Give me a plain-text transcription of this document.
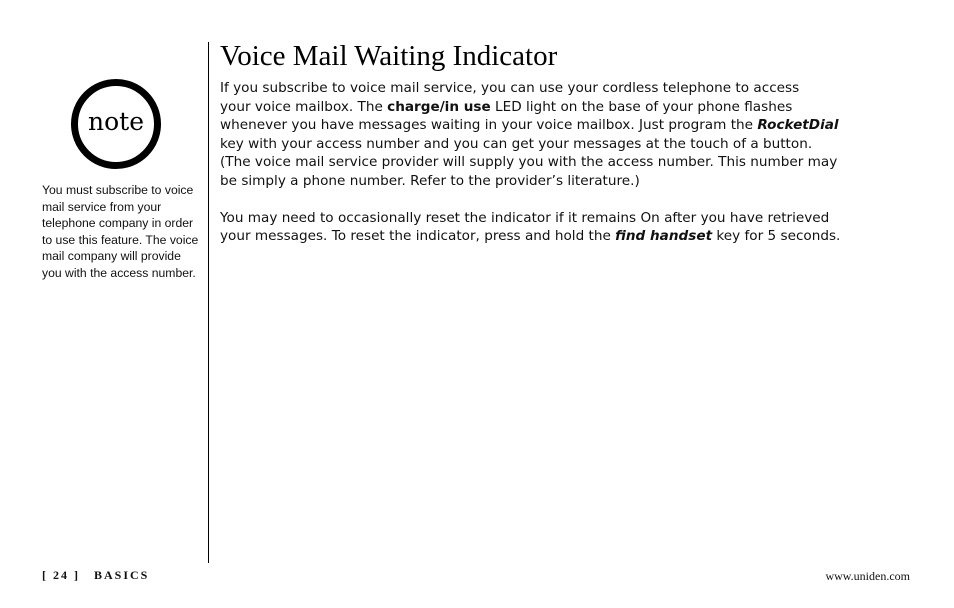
note

You must subscribe to voice mail service from your telephone company in order to use this feature. The voice mail company will provide you with the access number.

Voice Mail Waiting Indicator

If you subscribe to voice mail service, you can use your cordless telephone to access

your voice mailbox. The charge/in use LED light on the base of your phone flashes

whenever you have messages waiting in your voice mailbox. Just program the RocketDial

key with your access number and you can get your messages at the touch of a button.

(The voice mail service provider will supply you with the access number. This number may

be simply a phone number. Refer to the provider’s literature.)

You may need to occasionally reset the indicator if it remains On after you have retrieved

your messages. To reset the indicator, press and hold the find handset key for 5 seconds.

[ 24 ] BASICS	www.uniden.com
